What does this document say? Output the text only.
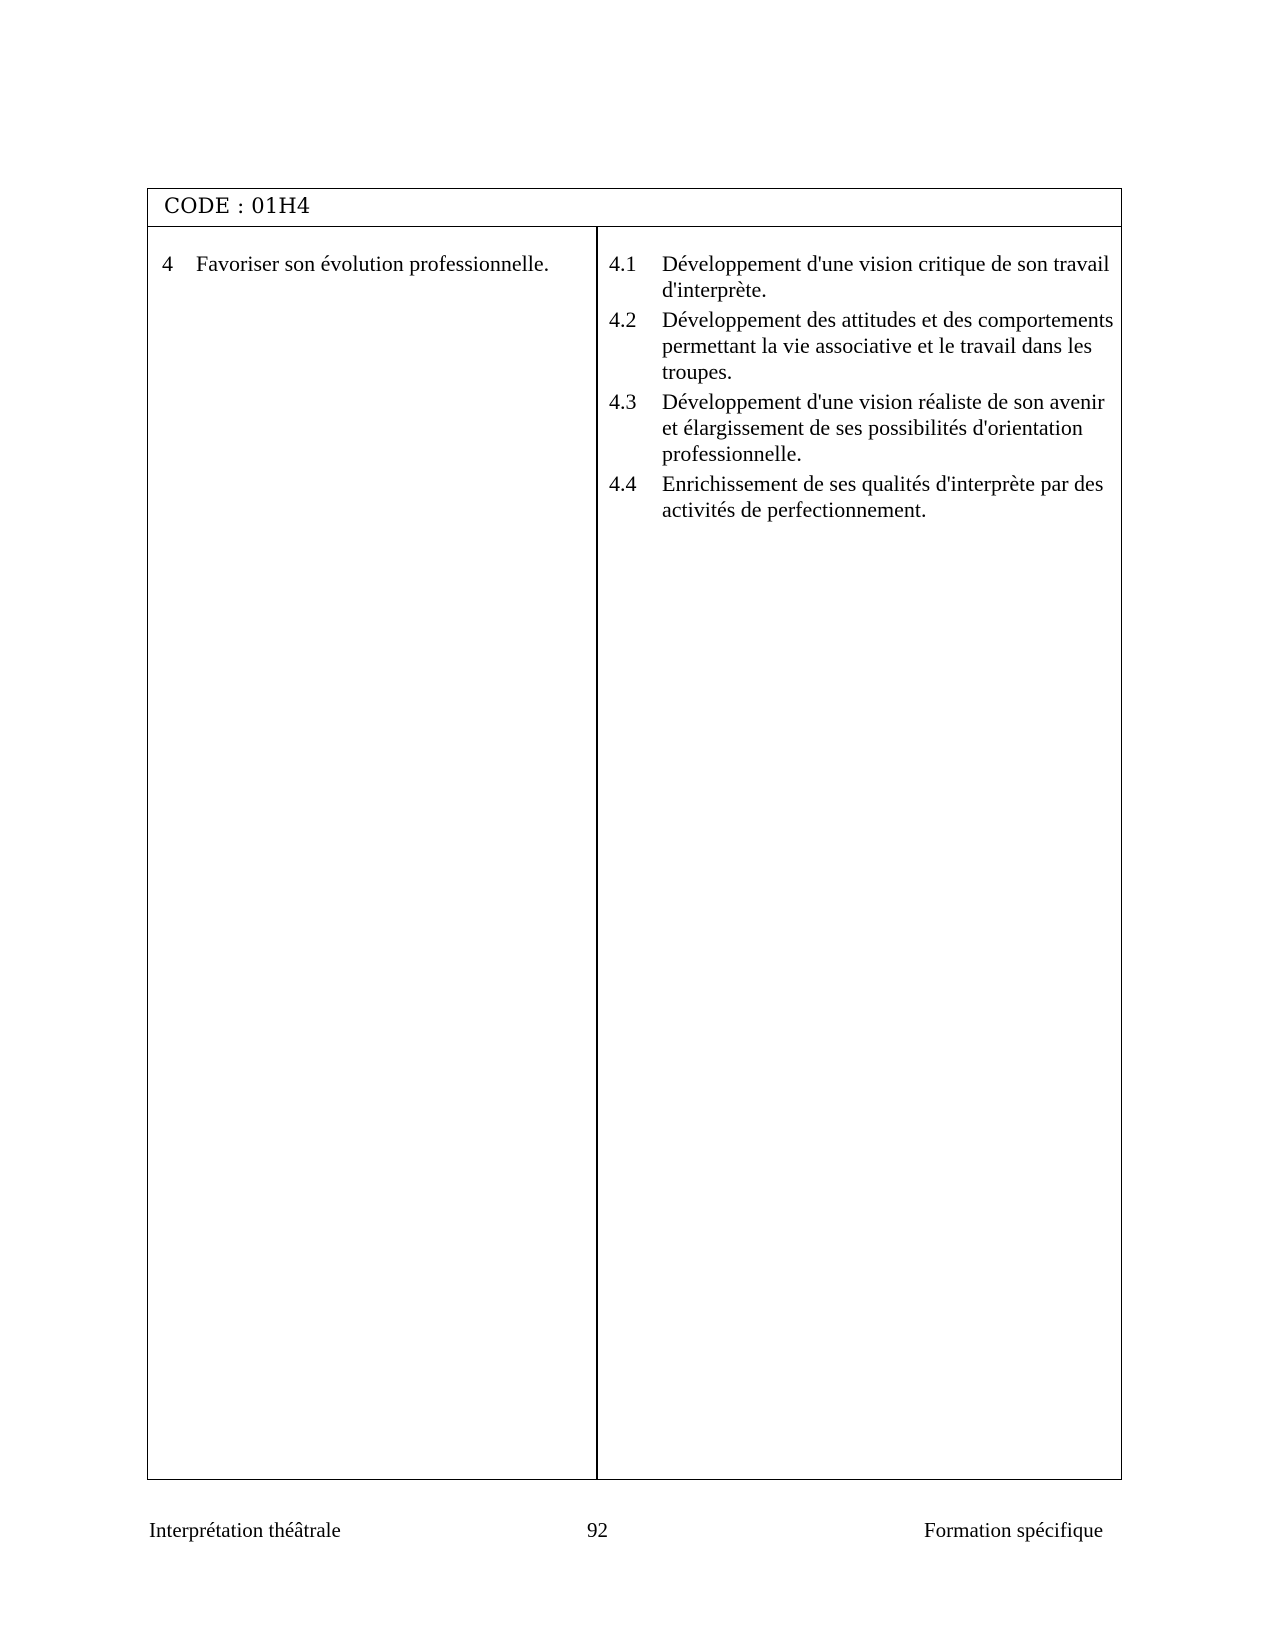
CODE : 01H4
4	Favoriser son évolution professionnelle.	4.1	Développement d'une vision critique de son travail d'interprète.
4.2	Développement des attitudes et des comportements permettant la vie associative et le travail dans les troupes.
4.3	Développement d'une vision réaliste de son avenir et élargissement de ses possibilités d'orientation professionnelle.
4.4	Enrichissement de ses qualités d'interprète par des activités de perfectionnement.
Interprétation théâtrale	92	Formation spécifique
